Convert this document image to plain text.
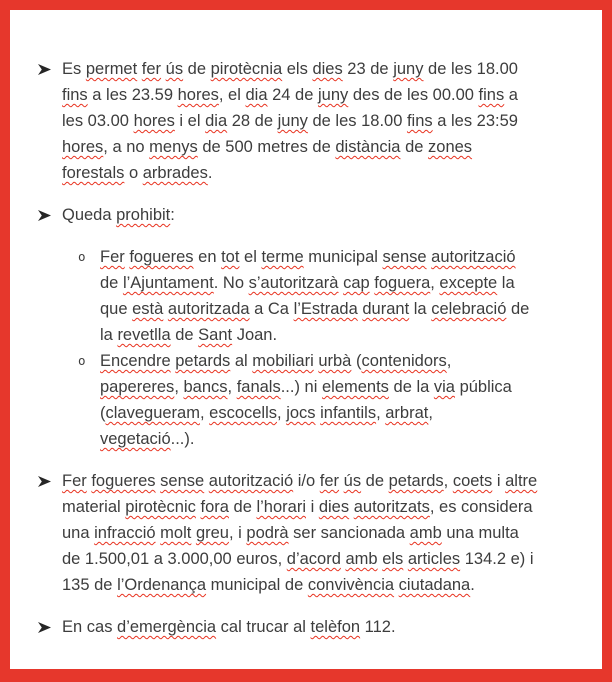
Es permet fer ús de pirotècnia els dies 23 de juny de les 18.00
fins a les 23.59 hores, el dia 24 de juny des de les 00.00 fins a
les 03.00 hores i el dia 28 de juny de les 18.00 fins a les 23:59
hores, a no menys de 500 metres de distància de zones
forestals o arbrades.
Queda prohibit:
o Fer fogueres en tot el terme municipal sense autorització
de l’Ajuntament. No s’autoritzarà cap foguera, excepte la
que està autoritzada a Ca l’Estrada durant la celebració de
la revetlla de Sant Joan.
o Encendre petards al mobiliari urbà (contenidors,
papereres, bancs, fanals...) ni elements de la via pública
(clavegueram, escocells, jocs infantils, arbrat,
vegetació...).
Fer fogueres sense autorització i/o fer ús de petards, coets i altre
material pirotècnic fora de l’horari i dies autoritzats, es considera
una infracció molt greu, i podrà ser sancionada amb una multa
de 1.500,01 a 3.000,00 euros, d’acord amb els articles 134.2 e) i
135 de l’Ordenança municipal de convivència ciutadana.
En cas d’emergència cal trucar al telèfon 112.
